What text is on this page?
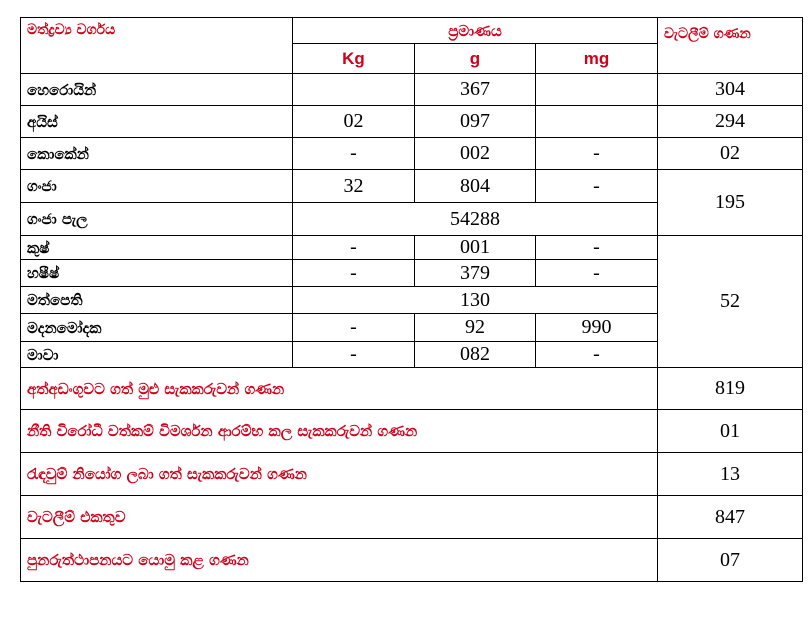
මත්ද්‍රව්‍ය වර්ගය	ප්‍රමාණය			වැටලීම් ගණන
	Kg	g	mg	
හෙරොයින්		367		304
අයිස්	02	097		294
කොකේන්	-	002	-	02
ගංජා	32	804	-	195
ගංජා පැල	54288			
කුෂ්	-	001	-	52
හෂීෂ්	-	379	-	
මත්පෙති	130			
මදනමෝදක	-	92	990	
මාවා	-	082	-	
අත්අඩංගුවට ගත් මුළු සැකකරුවන් ගණන				819
නීති විරෝධී වත්කම් විමර්ශන ආරම්භ කල සැකකරුවන් ගණන				01
රැඳවුම් නියෝග ලබා ගත් සැකකරුවන් ගණන				13
වැටලීම් එකතුව				847
පුනරුත්ථාපනයට යොමු කළ ගණන				07
